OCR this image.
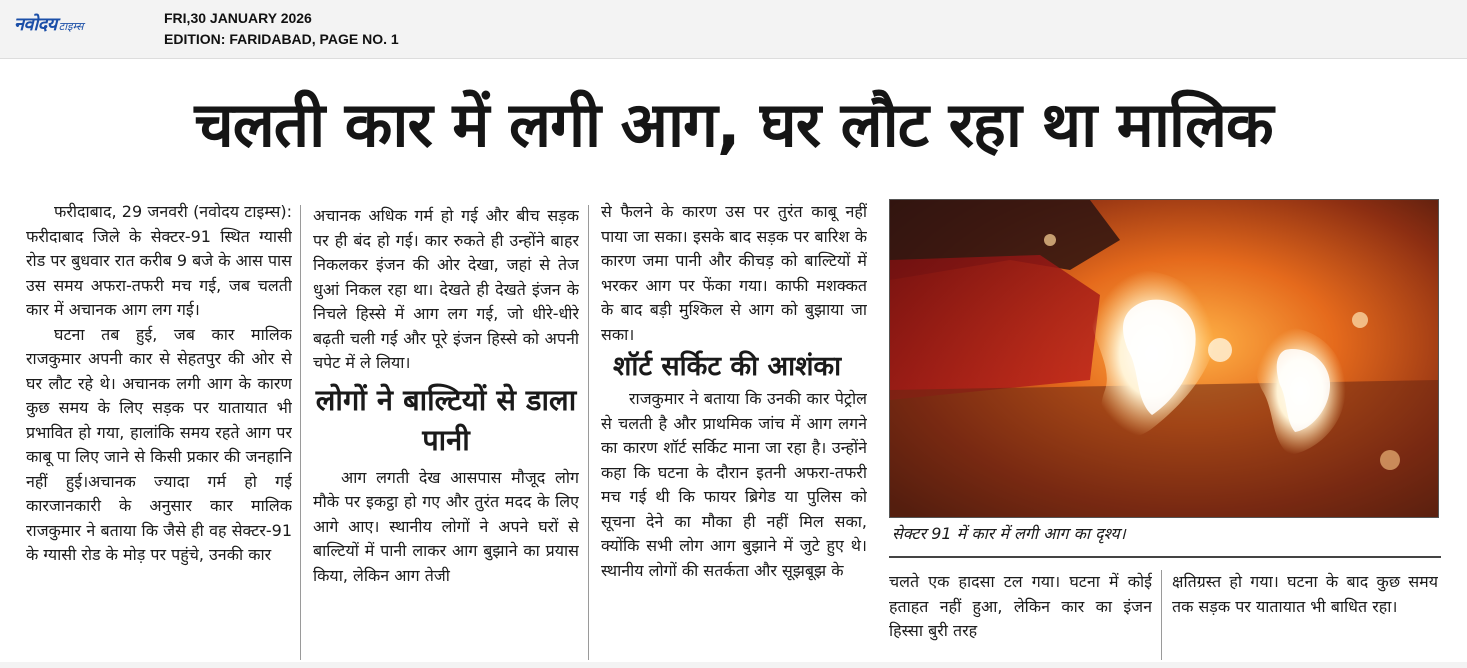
नवोदय टाइम्स
FRI,30 JANUARY 2026
EDITION: FARIDABAD, PAGE NO. 1
चलती कार में लगी आग, घर लौट रहा था मालिक

फरीदाबाद, 29 जनवरी (नवोदय टाइम्स): फरीदाबाद जिले के सेक्टर-91 स्थित ग्यासी रोड पर बुधवार रात करीब 9 बजे के आस पास उस समय अफरा-तफरी मच गई, जब चलती कार में अचानक आग लग गई।

घटना तब हुई, जब कार मालिक राजकुमार अपनी कार से सेहतपुर की ओर से घर लौट रहे थे। अचानक लगी आग के कारण कुछ समय के लिए सड़क पर यातायात भी प्रभावित हो गया, हालांकि समय रहते आग पर काबू पा लिए जाने से किसी प्रकार की जनहानि नहीं हुई।अचानक ज्यादा गर्म हो गई कारजानकारी के अनुसार कार मालिक राजकुमार ने बताया कि जैसे ही वह सेक्टर-91 के ग्यासी रोड के मोड़ पर पहुंचे, उनकी कार

अचानक अधिक गर्म हो गई और बीच सड़क पर ही बंद हो गई। कार रुकते ही उन्होंने बाहर निकलकर इंजन की ओर देखा, जहां से तेज धुआं निकल रहा था। देखते ही देखते इंजन के निचले हिस्से में आग लग गई, जो धीरे-धीरे बढ़ती चली गई और पूरे इंजन हिस्से को अपनी चपेट में ले लिया।

लोगों ने बाल्टियों से डाला पानी

आग लगती देख आसपास मौजूद लोग मौके पर इकट्ठा हो गए और तुरंत मदद के लिए आगे आए। स्थानीय लोगों ने अपने घरों से बाल्टियों में पानी लाकर आग बुझाने का प्रयास किया, लेकिन आग तेजी

से फैलने के कारण उस पर तुरंत काबू नहीं पाया जा सका। इसके बाद सड़क पर बारिश के कारण जमा पानी और कीचड़ को बाल्टियों में भरकर आग पर फेंका गया। काफी मशक्कत के बाद बड़ी मुश्किल से आग को बुझाया जा सका।

शॉर्ट सर्किट की आशंका

राजकुमार ने बताया कि उनकी कार पेट्रोल से चलती है और प्राथमिक जांच में आग लगने का कारण शॉर्ट सर्किट माना जा रहा है। उन्होंने कहा कि घटना के दौरान इतनी अफरा-तफरी मच गई थी कि फायर ब्रिगेड या पुलिस को सूचना देने का मौका ही नहीं मिल सका, क्योंकि सभी लोग आग बुझाने में जुटे हुए थे। स्थानीय लोगों की सतर्कता और सूझबूझ के

सेक्टर 91 में कार में लगी आग का दृश्य।

चलते एक हादसा टल गया। घटना में कोई हताहत नहीं हुआ, लेकिन कार का इंजन हिस्सा बुरी तरह

क्षतिग्रस्त हो गया। घटना के बाद कुछ समय तक सड़क पर यातायात भी बाधित रहा।
